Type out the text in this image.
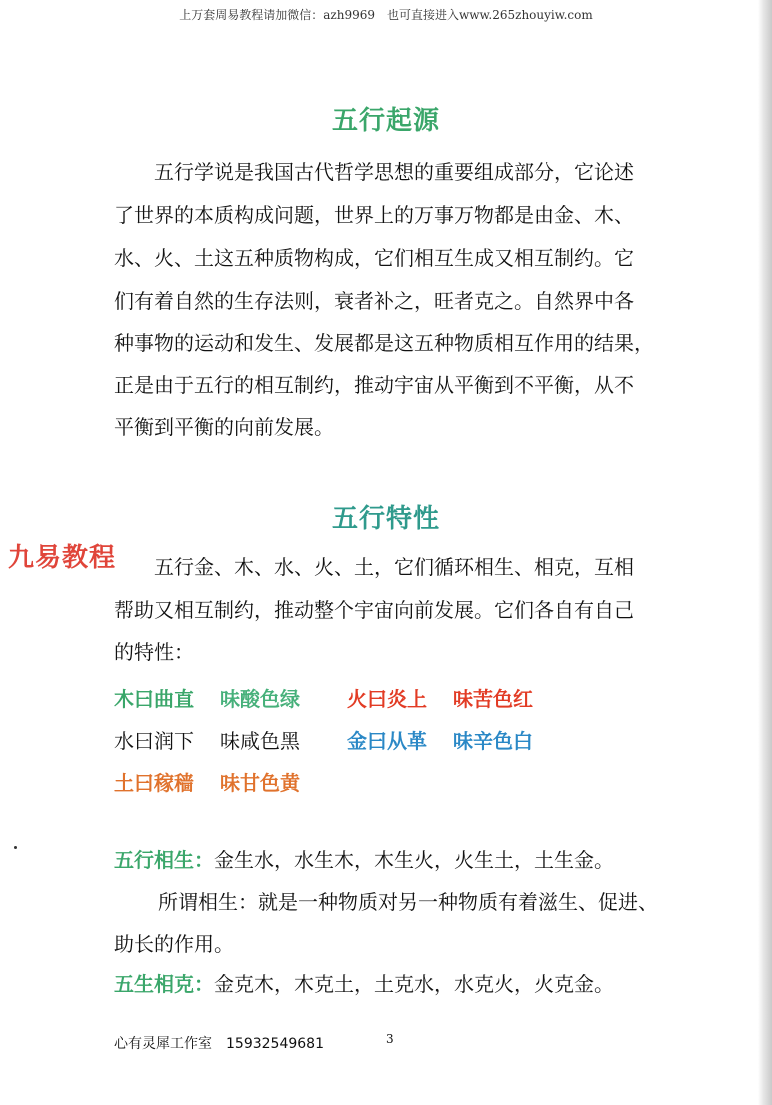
上万套周易教程请加微信：azh9969　也可直接进入www.265zhouyiw.com
五行起源
五行学说是我国古代哲学思想的重要组成部分，它论述
了世界的本质构成问题，世界上的万事万物都是由金、木、
水、火、土这五种质物构成，它们相互生成又相互制约。它
们有着自然的生存法则，衰者补之，旺者克之。自然界中各
种事物的运动和发生、发展都是这五种物质相互作用的结果，
正是由于五行的相互制约，推动宇宙从平衡到不平衡，从不
平衡到平衡的向前发展。
五行特性
九易教程 五行金、木、水、火、土，它们循环相生、相克，互相
帮助又相互制约，推动整个宇宙向前发展。它们各自有自己
的特性：
木曰曲直 味酸色绿 火曰炎上 味苦色红
水曰润下 味咸色黑 金曰从革 味辛色白
土曰稼穑 味甘色黄
五行相生：金生水，水生木，木生火，火生土，土生金。
所谓相生：就是一种物质对另一种物质有着滋生、促进、
助长的作用。
五生相克：金克木，木克土，土克水，水克火，火克金。
心有灵犀工作室 15932549681	3
